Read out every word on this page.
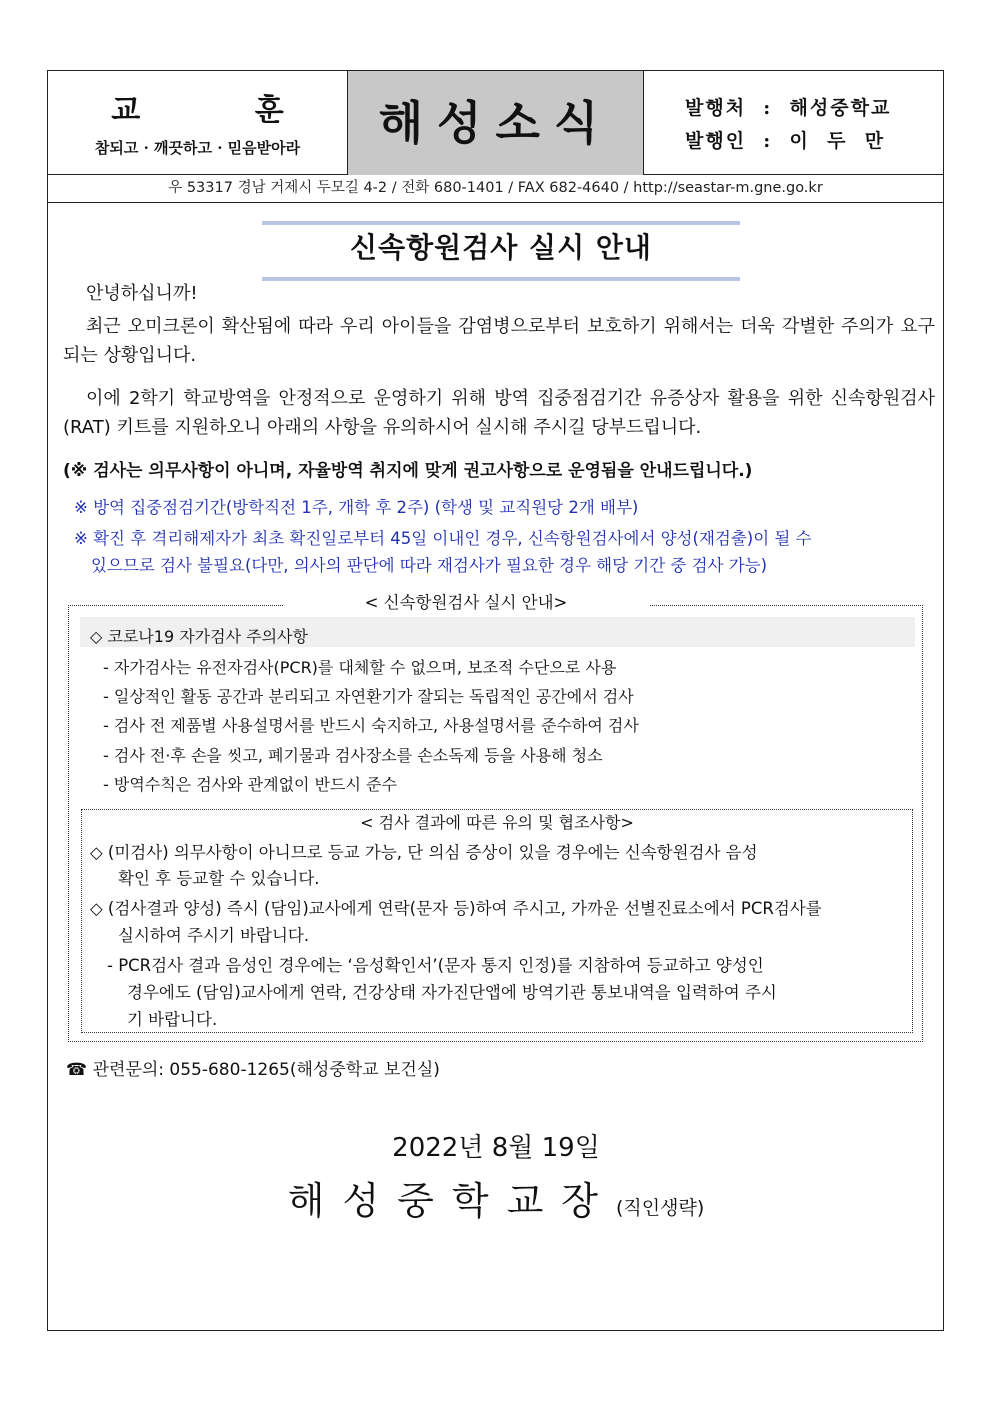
교 훈
참되고 · 깨끗하고 · 믿음받아라	해성소식	발행처  :  해성중학교
발행인  :  이  두  만
우 53317 경남 거제시 두모길 4-2 / 전화 680-1401 / FAX 682-4640 / http://seastar-m.gne.go.kr
신속항원검사 실시 안내
안녕하십니까!
최근 오미크론이 확산됨에 따라 우리 아이들을 감염병으로부터 보호하기 위해서는 더욱 각별한 주의가 요구되는 상황입니다.
이에 2학기 학교방역을 안정적으로 운영하기 위해 방역 집중점검기간 유증상자 활용을 위한 신속항원검사(RAT) 키트를 지원하오니 아래의 사항을 유의하시어 실시해 주시길 당부드립니다.
(※ 검사는 의무사항이 아니며, 자율방역 취지에 맞게 권고사항으로 운영됨을 안내드립니다.)
※ 방역 집중점검기간(방학직전 1주, 개학 후 2주) (학생 및 교직원당 2개 배부)
※ 확진 후 격리해제자가 최초 확진일로부터 45일 이내인 경우, 신속항원검사에서 양성(재검출)이 될 수
있으므로 검사 불필요(다만, 의사의 판단에 따라 재검사가 필요한 경우 해당 기간 중 검사 가능)
< 신속항원검사 실시 안내>
◇ 코로나19 자가검사 주의사항
- 자가검사는 유전자검사(PCR)를 대체할 수 없으며, 보조적 수단으로 사용
- 일상적인 활동 공간과 분리되고 자연환기가 잘되는 독립적인 공간에서 검사
- 검사 전 제품별 사용설명서를 반드시 숙지하고, 사용설명서를 준수하여 검사
- 검사 전·후 손을 씻고, 폐기물과 검사장소를 손소독제 등을 사용해 청소
- 방역수칙은 검사와 관계없이 반드시 준수
< 검사 결과에 따른 유의 및 협조사항>
◇ (미검사) 의무사항이 아니므로 등교 가능, 단 의심 증상이 있을 경우에는 신속항원검사 음성
확인 후 등교할 수 있습니다.
◇ (검사결과 양성) 즉시 (담임)교사에게 연락(문자 등)하여 주시고, 가까운 선별진료소에서 PCR검사를
실시하여 주시기 바랍니다.
- PCR검사 결과 음성인 경우에는 ‘음성확인서’(문자 통지 인정)를 지참하여 등교하고 양성인
경우에도 (담임)교사에게 연락, 건강상태 자가진단앱에 방역기관 통보내역을 입력하여 주시
기 바랍니다.
☎ 관련문의: 055-680-1265(해성중학교 보건실)
2022년 8월 19일
해성중학교장(직인생략)
